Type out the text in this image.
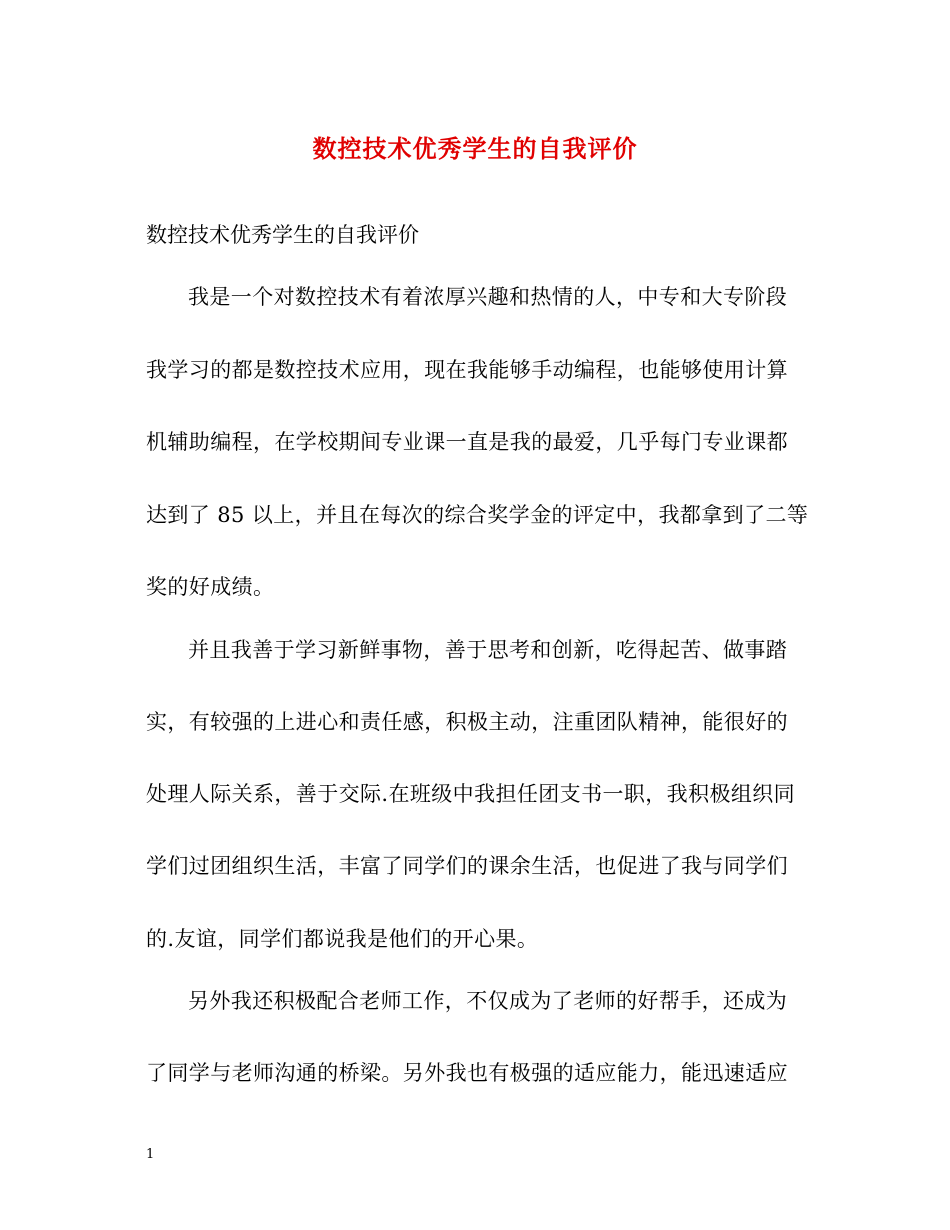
数控技术优秀学生的自我评价
数控技术优秀学生的自我评价
我是一个对数控技术有着浓厚兴趣和热情的人，中专和大专阶段
我学习的都是数控技术应用，现在我能够手动编程，也能够使用计算
机辅助编程，在学校期间专业课一直是我的最爱，几乎每门专业课都
达到了 85 以上，并且在每次的综合奖学金的评定中，我都拿到了二等
奖的好成绩。
并且我善于学习新鲜事物，善于思考和创新，吃得起苦、做事踏
实，有较强的上进心和责任感，积极主动，注重团队精神，能很好的
处理人际关系，善于交际.在班级中我担任团支书一职，我积极组织同
学们过团组织生活，丰富了同学们的课余生活，也促进了我与同学们
的.友谊，同学们都说我是他们的开心果。
另外我还积极配合老师工作，不仅成为了老师的好帮手，还成为
了同学与老师沟通的桥梁。另外我也有极强的适应能力，能迅速适应
1
